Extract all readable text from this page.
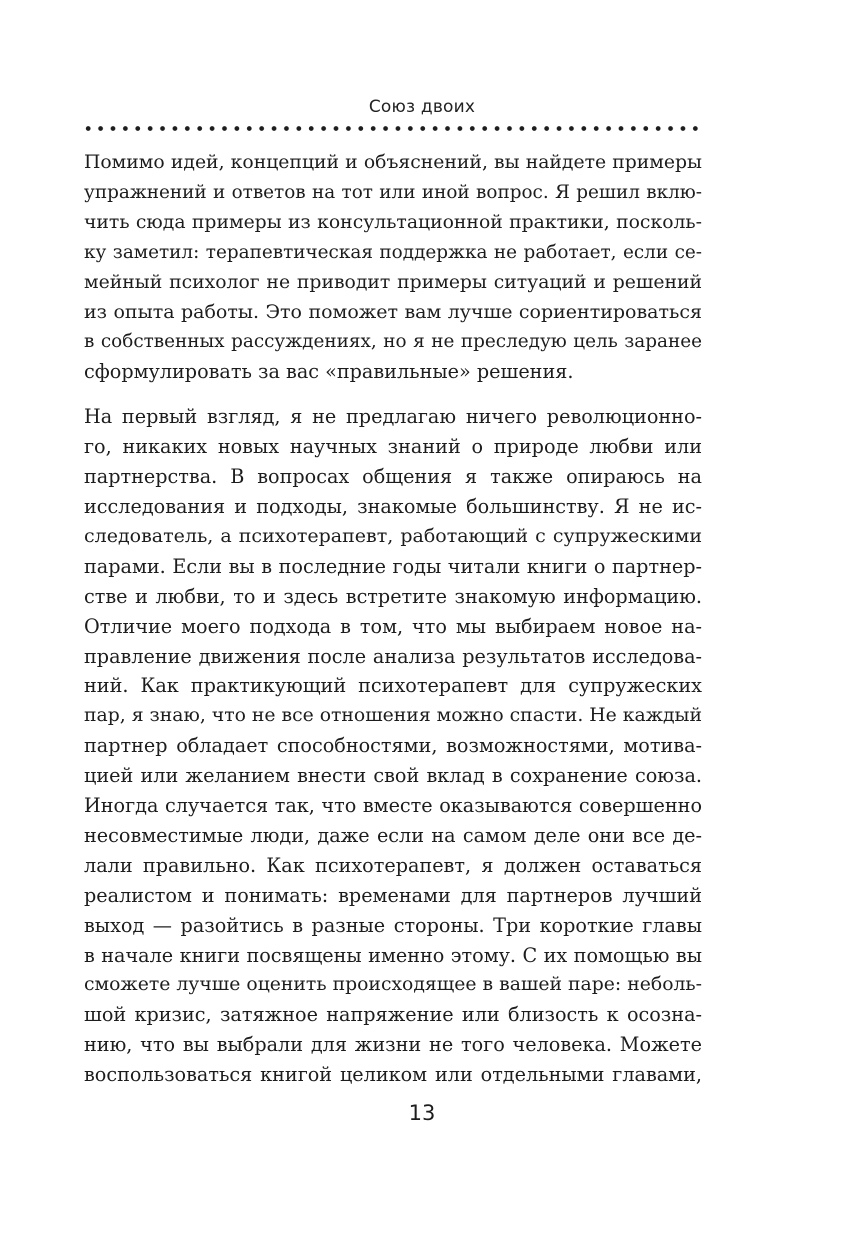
Союз двоих

Помимо идей, концепций и объяснений, вы найдете примеры
упражнений и ответов на тот или иной вопрос. Я решил вклю-
чить сюда примеры из консультационной практики, посколь-
ку заметил: терапевтическая поддержка не работает, если се-
мейный психолог не приводит примеры ситуаций и решений
из опыта работы. Это поможет вам лучше сориентироваться
в собственных рассуждениях, но я не преследую цель заранее
сформулировать за вас «правильные» решения.

На первый взгляд, я не предлагаю ничего революционно-
го, никаких новых научных знаний о природе любви или
партнерства. В вопросах общения я также опираюсь на
исследования и подходы, знакомые большинству. Я не ис-
следователь, а психотерапевт, работающий с супружескими
парами. Если вы в последние годы читали книги о партнер-
стве и любви, то и здесь встретите знакомую информацию.
Отличие моего подхода в том, что мы выбираем новое на-
правление движения после анализа результатов исследова-
ний. Как практикующий психотерапевт для супружеских
пар, я знаю, что не все отношения можно спасти. Не каждый
партнер обладает способностями, возможностями, мотива-
цией или желанием внести свой вклад в сохранение союза.
Иногда случается так, что вместе оказываются совершенно
несовместимые люди, даже если на самом деле они все де-
лали правильно. Как психотерапевт, я должен оставаться
реалистом и понимать: временами для партнеров лучший
выход — разойтись в разные стороны. Три короткие главы
в начале книги посвящены именно этому. С их помощью вы
сможете лучше оценить происходящее в вашей паре: неболь-
шой кризис, затяжное напряжение или близость к осозна-
нию, что вы выбрали для жизни не того человека. Можете
воспользоваться книгой целиком или отдельными главами,

13
